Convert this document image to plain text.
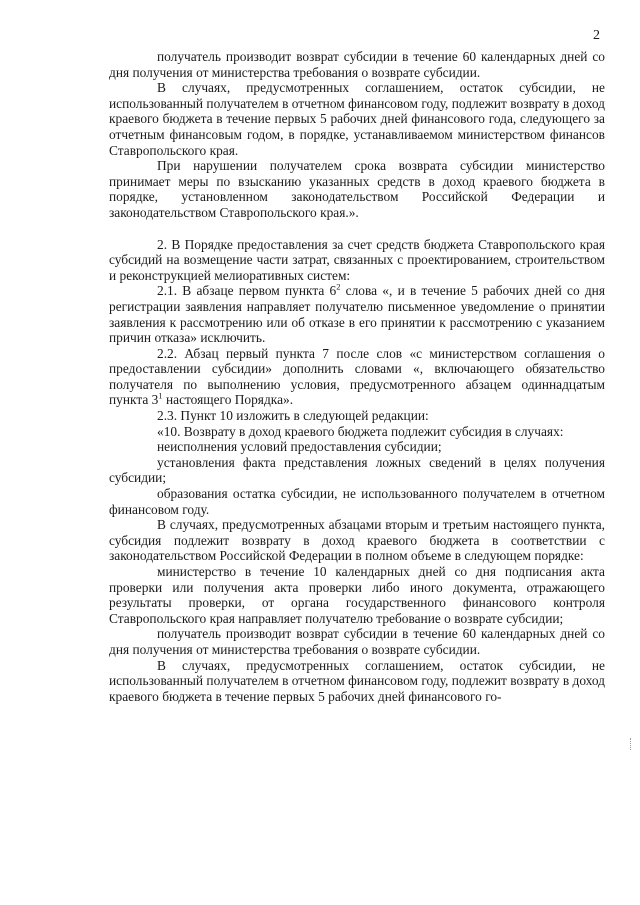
2

получатель производит возврат субсидии в течение 60 календарных дней со дня получения от министерства требования о возврате субсидии.

В случаях, предусмотренных соглашением, остаток субсидии, не использованный получателем в отчетном финансовом году, подлежит возврату в доход краевого бюджета в течение первых 5 рабочих дней финансового года, следующего за отчетным финансовым годом, в порядке, устанавливаемом министерством финансов Ставропольского края.

При нарушении получателем срока возврата субсидии министерство принимает меры по взысканию указанных средств в доход краевого бюджета в порядке, установленном законодательством Российской Федерации и законодательством Ставропольского края.».

2. В Порядке предоставления за счет средств бюджета Ставропольского края субсидий на возмещение части затрат, связанных с проектированием, строительством и реконструкцией мелиоративных систем:

2.1. В абзаце первом пункта $6^2$ слова «, и в течение 5 рабочих дней со дня регистрации заявления направляет получателю письменное уведомление о принятии заявления к рассмотрению или об отказе в его принятии к рассмотрению с указанием причин отказа» исключить.

2.2. Абзац первый пункта 7 после слов «с министерством соглашения о предоставлении субсидии» дополнить словами «, включающего обязательство получателя по выполнению условия, предусмотренного абзацем одиннадцатым пункта $3^1$ настоящего Порядка».

2.3. Пункт 10 изложить в следующей редакции:

«10. Возврату в доход краевого бюджета подлежит субсидия в случаях:

неисполнения условий предоставления субсидии;

установления факта представления ложных сведений в целях получения субсидии;

образования остатка субсидии, не использованного получателем в отчетном финансовом году.

В случаях, предусмотренных абзацами вторым и третьим настоящего пункта, субсидия подлежит возврату в доход краевого бюджета в соответствии с законодательством Российской Федерации в полном объеме в следующем порядке:

министерство в течение 10 календарных дней со дня подписания акта проверки или получения акта проверки либо иного документа, отражающего результаты проверки, от органа государственного финансового контроля Ставропольского края направляет получателю требование о возврате субсидии;

получатель производит возврат субсидии в течение 60 календарных дней со дня получения от министерства требования о возврате субсидии.

В случаях, предусмотренных соглашением, остаток субсидии, не использованный получателем в отчетном финансовом году, подлежит возврату в доход краевого бюджета в течение первых 5 рабочих дней финансового го-
